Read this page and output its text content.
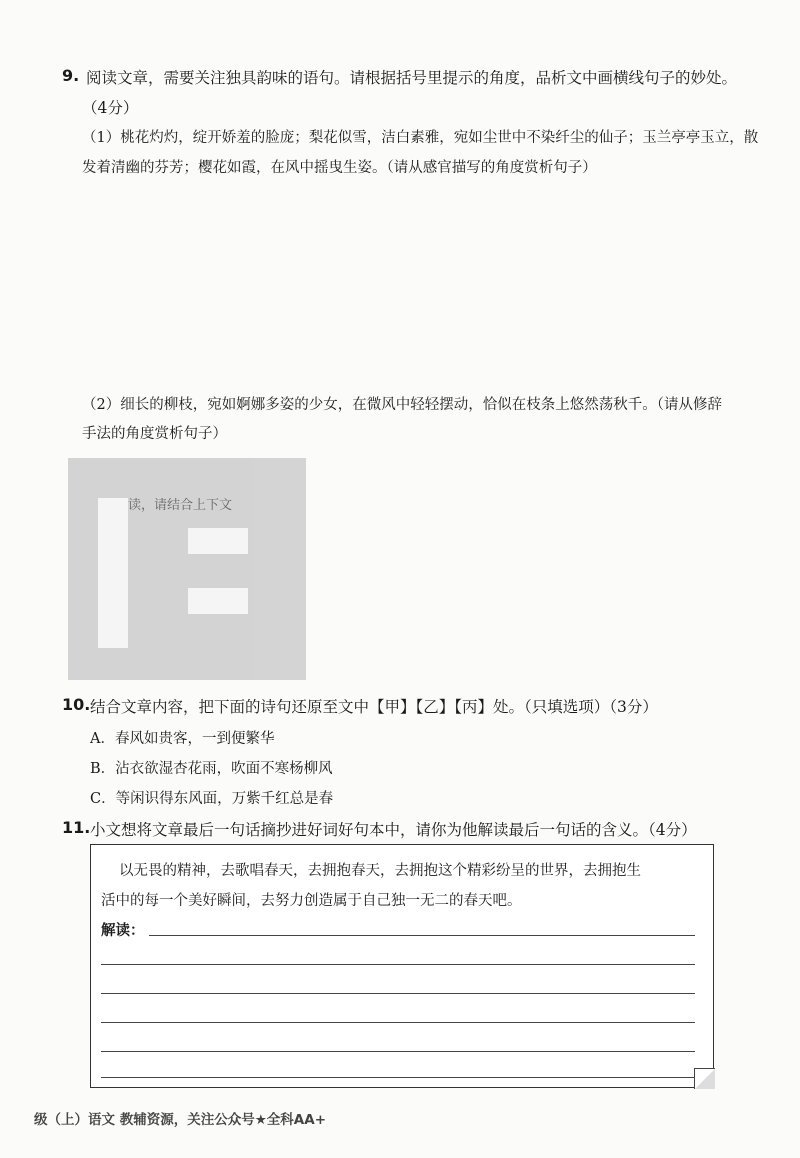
9. 阅读文章，需要关注独具韵味的语句。请根据括号里提示的角度，品析文中画横线句子的妙处。
（4分）
（1）桃花灼灼，绽开娇羞的脸庞；梨花似雪，洁白素雅，宛如尘世中不染纤尘的仙子；玉兰亭亭玉立，散
发着清幽的芬芳；樱花如霞，在风中摇曳生姿。（请从感官描写的角度赏析句子）
（2）细长的柳枝，宛如婀娜多姿的少女，在微风中轻轻摆动，恰似在枝条上悠然荡秋千。（请从修辞
手法的角度赏析句子）
读，请结合上下文
10. 结合文章内容，把下面的诗句还原至文中【甲】【乙】【丙】处。（只填选项）（3分）
A．春风如贵客，一到便繁华
B．沾衣欲湿杏花雨，吹面不寒杨柳风
C．等闲识得东风面，万紫千红总是春
11. 小文想将文章最后一句话摘抄进好词好句本中，请你为他解读最后一句话的含义。（4分）
以无畏的精神，去歌唱春天，去拥抱春天，去拥抱这个精彩纷呈的世界，去拥抱生
活中的每一个美好瞬间，去努力创造属于自己独一无二的春天吧。
解读：
级（上）语文 教辅资源，关注公众号★全科AA+
